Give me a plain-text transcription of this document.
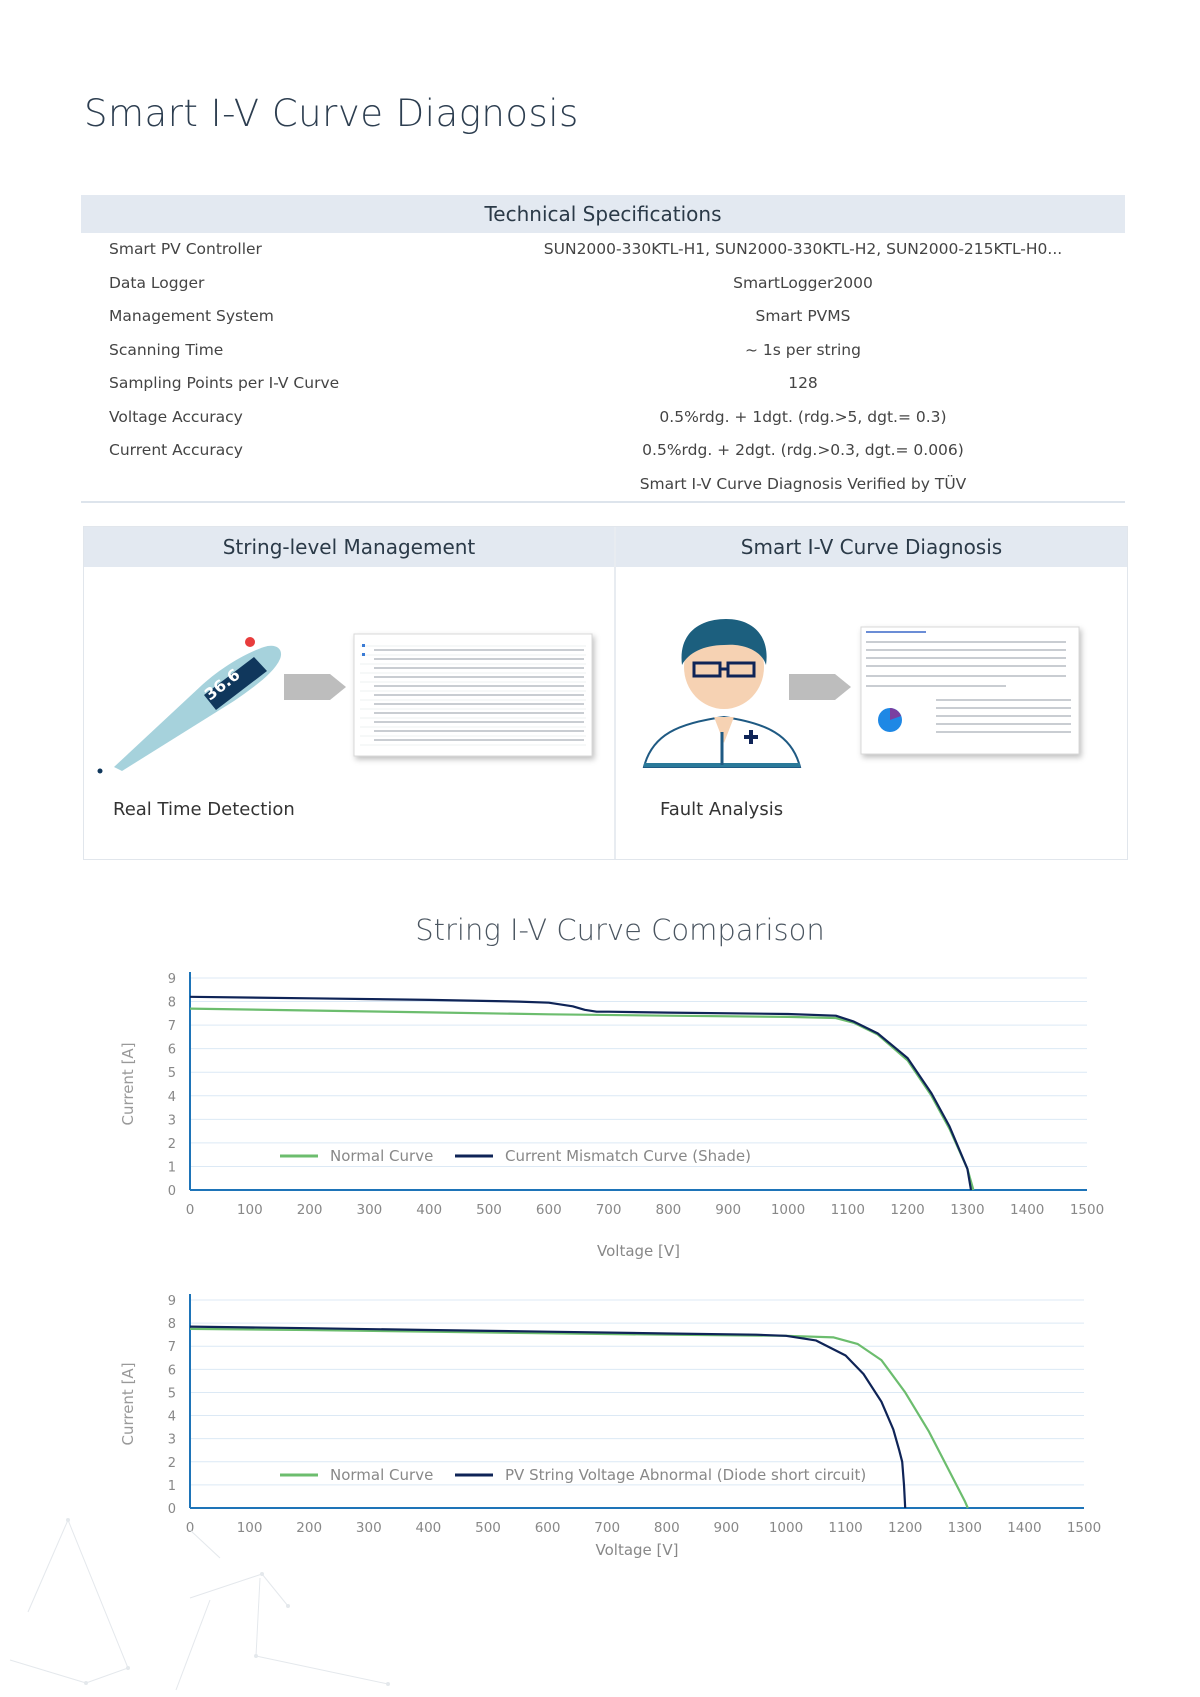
Smart I-V Curve Diagnosis
Technical Specifications
Smart PV Controller	SUN2000-330KTL-H1, SUN2000-330KTL-H2, SUN2000-215KTL-H0...
Data Logger	SmartLogger2000
Management System	Smart PVMS
Scanning Time	~ 1s per string
Sampling Points per I-V Curve	128
Voltage Accuracy	0.5%rdg. + 1dgt. (rdg.>5, dgt.= 0.3)
Current Accuracy	0.5%rdg. + 2dgt. (rdg.>0.3, dgt.= 0.006)
Smart I-V Curve Diagnosis Verified by TÜV
String-level Management
36.6
Real Time Detection
Smart I-V Curve Diagnosis
Fault Analysis
String I-V Curve Comparison
0
1
2
3
4
5
6
7
8
9
0	100	200	300	400	500	600	700	800	900 1000 1100 1200 1300 1400 1500
Voltage [V]
Current [A]
Normal Curve	Current Mismatch Curve (Shade)
0
1
2
3
4
5
6
7
8
9
0	100	200	300	400	500	600	700	800	900 1000 1100 1200 1300 1400 1500
Voltage [V]
Current [A]
Normal Curve	PV String Voltage Abnormal (Diode short circuit)
